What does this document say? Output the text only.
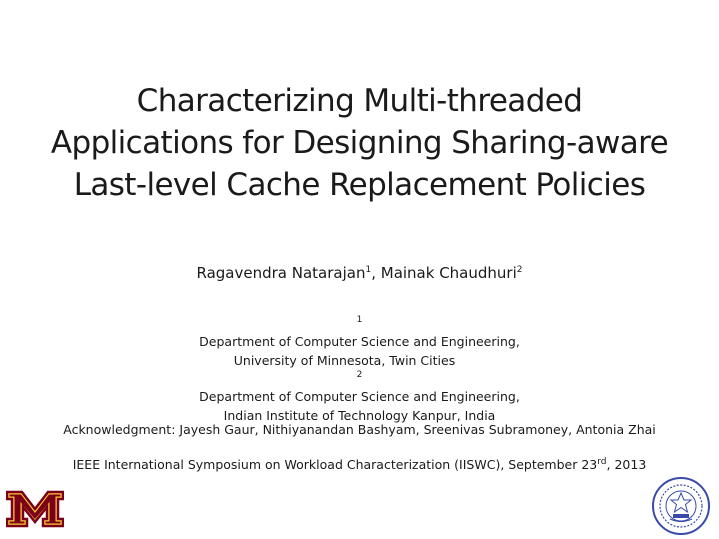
Characterizing Multi-threaded
Applications for Designing Sharing-aware
Last-level Cache Replacement Policies
Ragavendra Natarajan$^1$, Mainak Chaudhuri$^2$
$^1$
Department of Computer Science and Engineering,
University of Minnesota, Twin Cities
$^2$
Department of Computer Science and Engineering,
Indian Institute of Technology Kanpur, India
Acknowledgment: Jayesh Gaur, Nithiyanandan Bashyam, Sreenivas Subramoney, Antonia Zhai
IEEE International Symposium on Workload Characterization (IISWC), September 23rd, 2013
